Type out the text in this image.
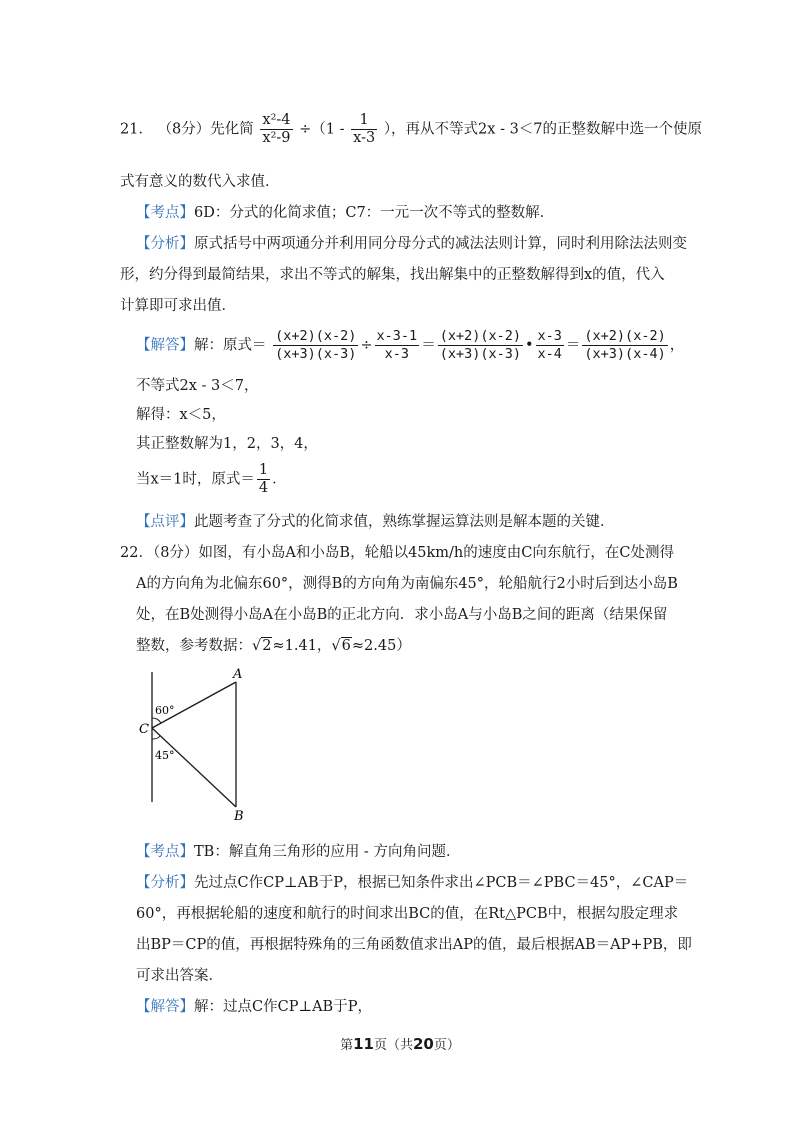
21． （8分）先化简 $\frac{\text{x²-4}}{\text{x²-9}} \div(1 - \frac{1}{x-3}$ ），再从不等式2x - 3＜7的正整数解中选一个使原
式有意义的数代入求值．
【考点】6D：分式的化简求值；C7：一元一次不等式的整数解．
【分析】原式括号中两项通分并利用同分母分式的减法法则计算，同时利用除法法则变
形，约分得到最简结果，求出不等式的解集，找出解集中的正整数解得到x的值，代入
计算即可求出值．
【解答】解：原式＝ $\frac{(x+2)(x-2)}{(x+3)(x-3)} \div \frac{x-3-1}{x-3} = \frac{(x+2)(x-2)}{(x+3)(x-3)}$ • $\frac{x-3}{x-4} = \frac{(x+2)(x-2)}{(x+3)(x-4)}$ ，
不等式2x - 3＜7，
解得：x＜5，
其正整数解为1，2，3，4，
当x＝1时，原式＝ $\frac{1}{4}$ ．
【点评】此题考查了分式的化简求值，熟练掌握运算法则是解本题的关键．
22．（8分）如图，有小岛A和小岛B，轮船以45km/h的速度由C向东航行，在C处测得
A的方向角为北偏东60°，测得B的方向角为南偏东45°，轮船航行2小时后到达小岛B
处，在B处测得小岛A在小岛B的正北方向．求小岛A与小岛B之间的距离（结果保留
整数，参考数据：√2≈1.41，√6≈2.45）
A
B
C
60°
45°
【考点】TB：解直角三角形的应用 - 方向角问题．
【分析】先过点C作CP⊥AB于P，根据已知条件求出∠PCB＝∠PBC＝45°，∠CAP＝
60°，再根据轮船的速度和航行的时间求出BC的值，在Rt△PCB中，根据勾股定理求
出BP＝CP的值，再根据特殊角的三角函数值求出AP的值，最后根据AB＝AP+PB，即
可求出答案．
【解答】解：过点C作CP⊥AB于P，
第11页（共20页）
